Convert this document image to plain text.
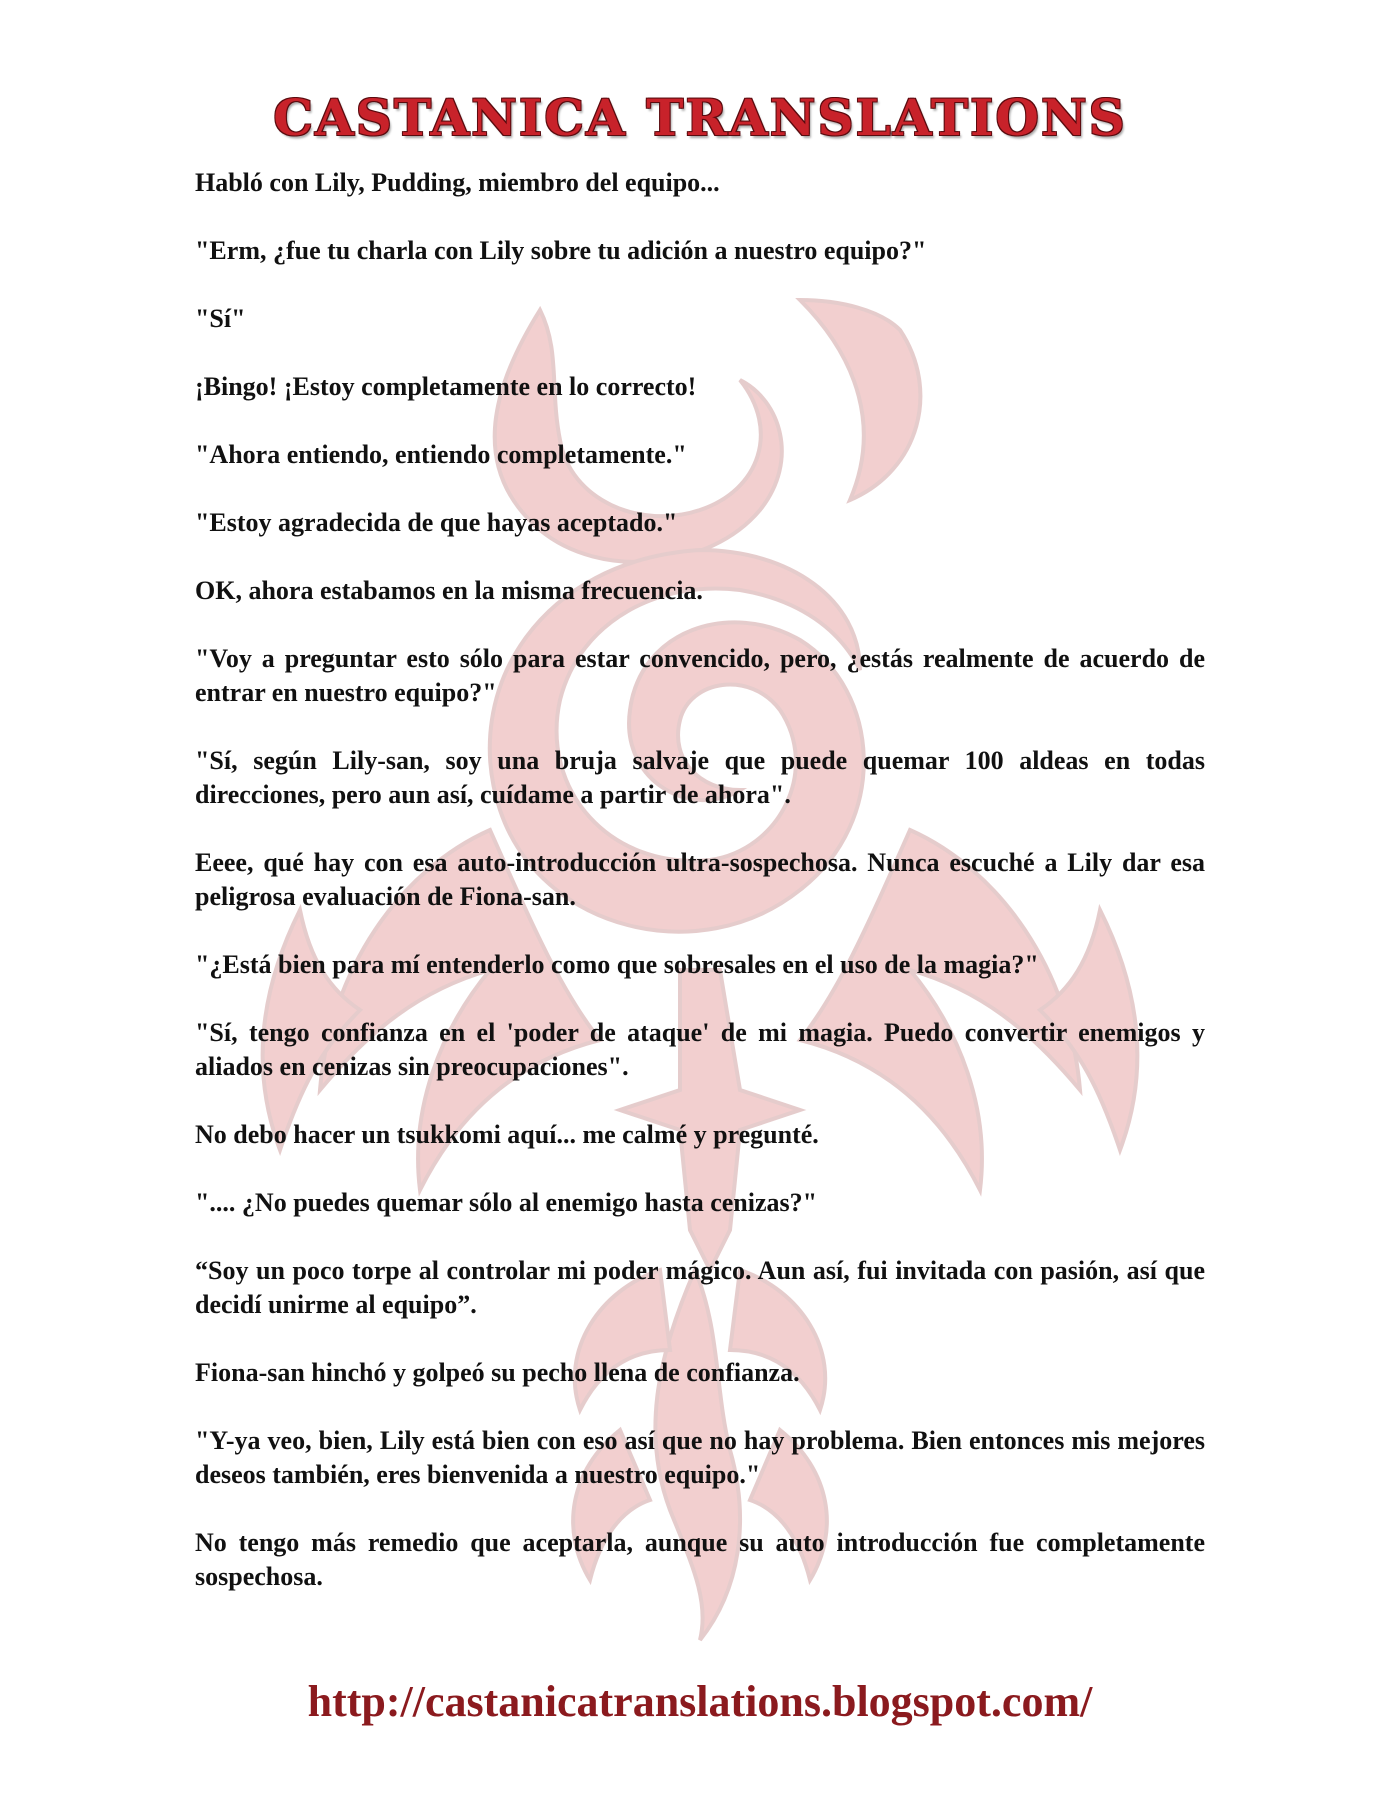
CASTANICA TRANSLATIONS

Habló con Lily, Pudding, miembro del equipo...

"Erm, ¿fue tu charla con Lily sobre tu adición a nuestro equipo?"

"Sí"

¡Bingo! ¡Estoy completamente en lo correcto!

"Ahora entiendo, entiendo completamente."

"Estoy agradecida de que hayas aceptado."

OK, ahora estabamos en la misma frecuencia.

"Voy a preguntar esto sólo para estar convencido, pero, ¿estás realmente de acuerdo de entrar en nuestro equipo?"

"Sí, según Lily-san, soy una bruja salvaje que puede quemar 100 aldeas en todas direcciones, pero aun así, cuídame a partir de ahora".

Eeee, qué hay con esa auto-introducción ultra-sospechosa. Nunca escuché a Lily dar esa peligrosa evaluación de Fiona-san.

"¿Está bien para mí entenderlo como que sobresales en el uso de la magia?"

"Sí, tengo confianza en el 'poder de ataque' de mi magia. Puedo convertir enemigos y aliados en cenizas sin preocupaciones".

No debo hacer un tsukkomi aquí... me calmé y pregunté.

".... ¿No puedes quemar sólo al enemigo hasta cenizas?"

“Soy un poco torpe al controlar mi poder mágico. Aun así, fui invitada con pasión, así que decidí unirme al equipo”.

Fiona-san hinchó y golpeó su pecho llena de confianza.

"Y-ya veo, bien, Lily está bien con eso así que no hay problema. Bien entonces mis mejores deseos también, eres bienvenida a nuestro equipo."

No tengo más remedio que aceptarla, aunque su auto introducción fue completamente sospechosa.

http://castanicatranslations.blogspot.com/
